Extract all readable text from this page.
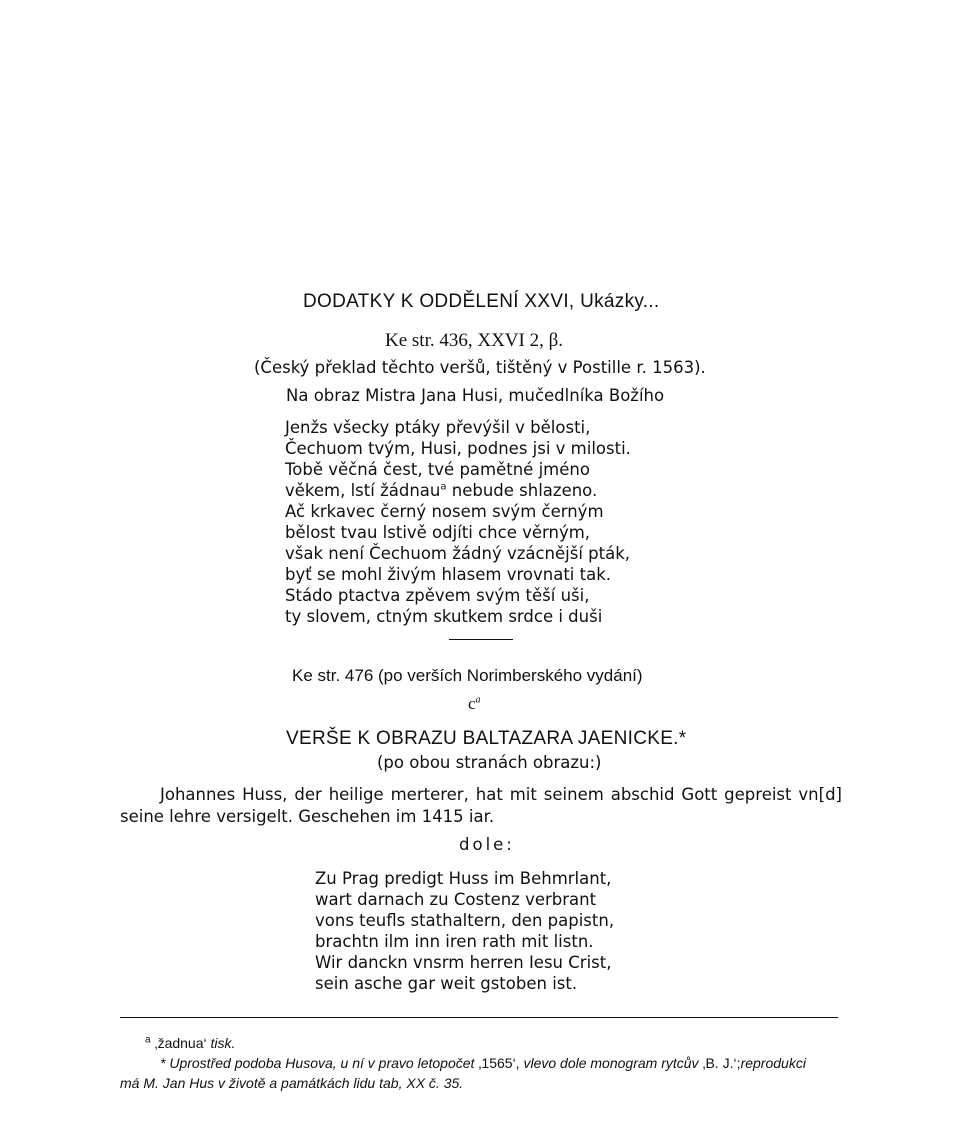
DODATKY K ODDĚLENÍ XXVI, Ukázky...
Ke str. 436, XXVI 2, β.
(Český překlad těchto veršů, tištěný v Postille r. 1563).
Na obraz Mistra Jana Husi, mučedlníka Božího
Jenžs všecky ptáky převýšil v bělosti,
Čechuom tvým, Husi, podnes jsi v milosti.
Tobě věčná čest, tvé pamětné jméno
věkem, lstí žádnau$^a$ nebude shlazeno.
Ač krkavec černý nosem svým černým
bělost tvau lstivě odjíti chce věrným,
však není Čechuom žádný vzácnější pták,
byť se mohl živým hlasem vrovnati tak.
Stádo ptactva zpěvem svým těší uši,
ty slovem, ctným skutkem srdce i duši
Ke str. 476 (po verších Norimberského vydání)
$c^a$
VERŠE K OBRAZU BALTAZARA JAENICKE.*
(po obou stranách obrazu:)
Johannes Huss, der heilige merterer, hat mit seinem abschid Gott gepreist vn[d]
seine lehre versigelt. Geschehen im 1415 iar.
dole:
Zu Prag predigt Huss im Behmrlant,
wart darnach zu Costenz verbrant
vons teufls stathaltern, den papistn,
brachtn ilm inn iren rath mit listn.
Wir danckn vnsrm herren Iesu Crist,
sein asche gar weit gstoben ist.
$^a$ ‚žadnua‘ tisk.
* Uprostřed podoba Husova, u ní v pravo letopočet ‚1565‘, vlevo dole monogram rytcův ‚B. J.‘;reprodukci
má M. Jan Hus v životě a památkách lidu tab, XX č. 35.
